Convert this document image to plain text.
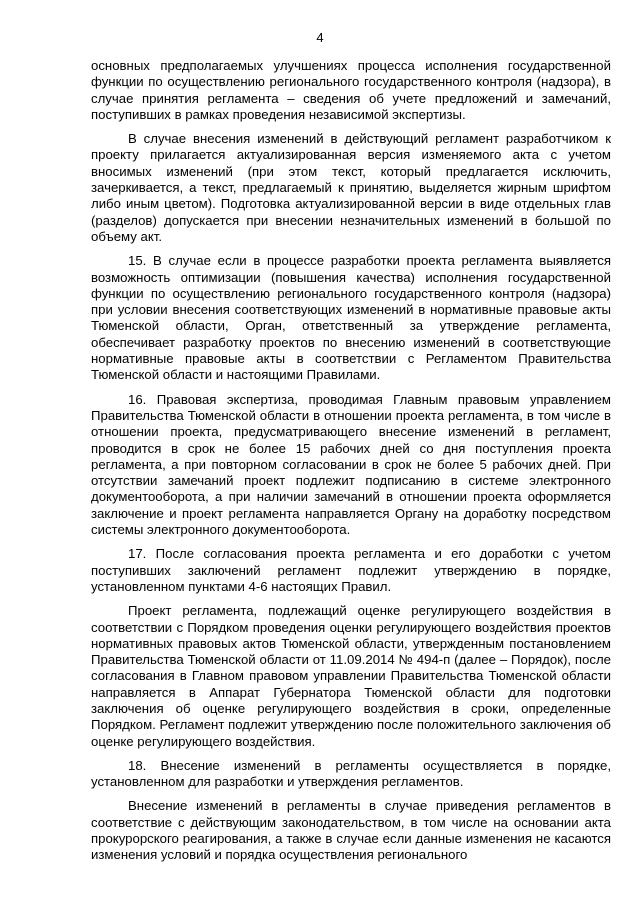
4

основных предполагаемых улучшениях процесса исполнения государственной функции по осуществлению регионального государственного контроля (надзора), в случае принятия регламента – сведения об учете предложений и замечаний, поступивших в рамках проведения независимой экспертизы.

В случае внесения изменений в действующий регламент разработчиком к проекту прилагается актуализированная версия изменяемого акта с учетом вносимых изменений (при этом текст, который предлагается исключить, зачеркивается, а текст, предлагаемый к принятию, выделяется жирным шрифтом либо иным цветом). Подготовка актуализированной версии в виде отдельных глав (разделов) допускается при внесении незначительных изменений в большой по объему акт.

15. В случае если в процессе разработки проекта регламента выявляется возможность оптимизации (повышения качества) исполнения государственной функции по осуществлению регионального государственного контроля (надзора) при условии внесения соответствующих изменений в нормативные правовые акты Тюменской области, Орган, ответственный за утверждение регламента, обеспечивает разработку проектов по внесению изменений в соответствующие нормативные правовые акты в соответствии с Регламентом Правительства Тюменской области и настоящими Правилами.

16. Правовая экспертиза, проводимая Главным правовым управлением Правительства Тюменской области в отношении проекта регламента, в том числе в отношении проекта, предусматривающего внесение изменений в регламент, проводится в срок не более 15 рабочих дней со дня поступления проекта регламента, а при повторном согласовании в срок не более 5 рабочих дней. При отсутствии замечаний проект подлежит подписанию в системе электронного документооборота, а при наличии замечаний в отношении проекта оформляется заключение и проект регламента направляется Органу на доработку посредством системы электронного документооборота.

17. После согласования проекта регламента и его доработки с учетом поступивших заключений регламент подлежит утверждению в порядке, установленном пунктами 4-6 настоящих Правил.

Проект регламента, подлежащий оценке регулирующего воздействия в соответствии с Порядком проведения оценки регулирующего воздействия проектов нормативных правовых актов Тюменской области, утвержденным постановлением Правительства Тюменской области от 11.09.2014 № 494-п (далее – Порядок), после согласования в Главном правовом управлении Правительства Тюменской области направляется в Аппарат Губернатора Тюменской области для подготовки заключения об оценке регулирующего воздействия в сроки, определенные Порядком. Регламент подлежит утверждению после положительного заключения об оценке регулирующего воздействия.

18. Внесение изменений в регламенты осуществляется в порядке, установленном для разработки и утверждения регламентов.

Внесение изменений в регламенты в случае приведения регламентов в соответствие с действующим законодательством, в том числе на основании акта прокурорского реагирования, а также в случае если данные изменения не касаются изменения условий и порядка осуществления регионального
